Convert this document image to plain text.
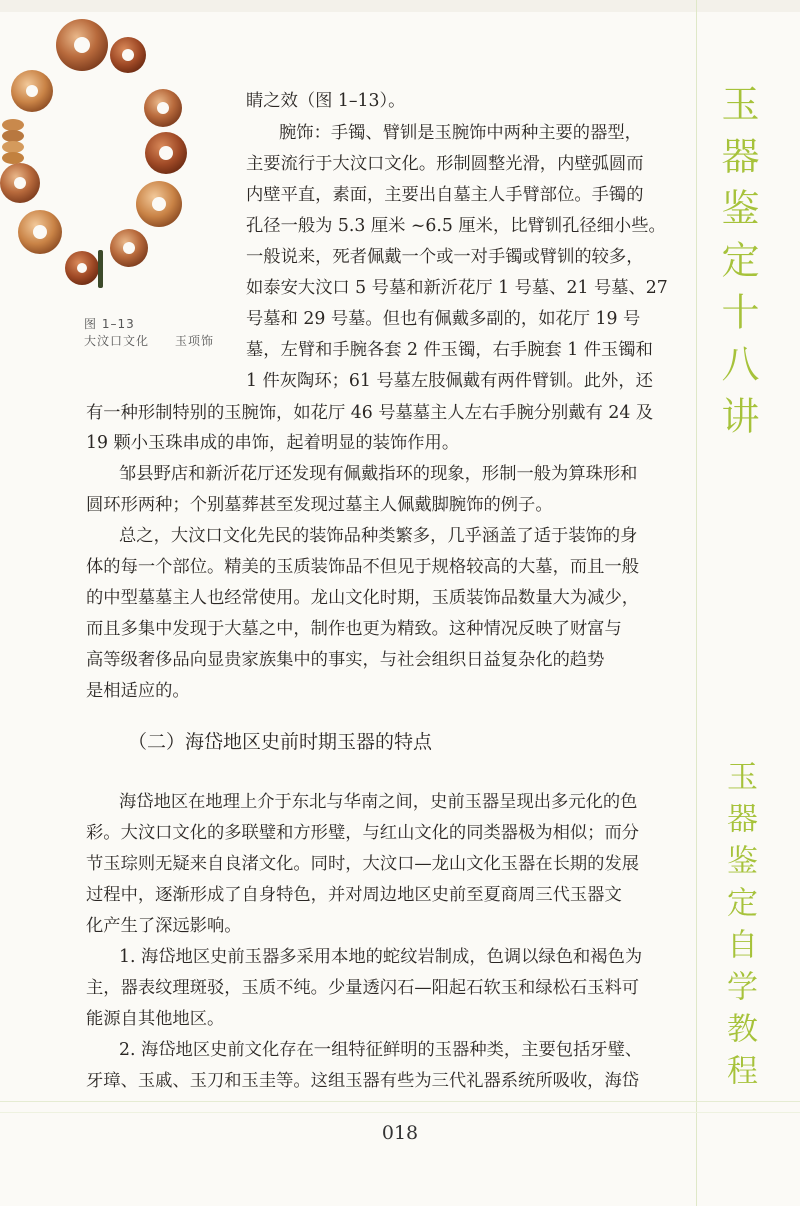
图 1–13
大汶口文化　　玉项饰
睛之效（图 1–13）。
腕饰：手镯、臂钏是玉腕饰中两种主要的器型，
主要流行于大汶口文化。形制圆整光滑，内壁弧圆而
内壁平直，素面，主要出自墓主人手臂部位。手镯的
孔径一般为 5.3 厘米 ~6.5 厘米，比臂钏孔径细小些。
一般说来，死者佩戴一个或一对手镯或臂钏的较多，
如泰安大汶口 5 号墓和新沂花厅 1 号墓、21 号墓、27
号墓和 29 号墓。但也有佩戴多副的，如花厅 19 号
墓，左臂和手腕各套 2 件玉镯，右手腕套 1 件玉镯和
1 件灰陶环；61 号墓左肢佩戴有两件臂钏。此外，还
有一种形制特别的玉腕饰，如花厅 46 号墓墓主人左右手腕分别戴有 24 及
19 颗小玉珠串成的串饰，起着明显的装饰作用。
邹县野店和新沂花厅还发现有佩戴指环的现象，形制一般为算珠形和
圆环形两种；个别墓葬甚至发现过墓主人佩戴脚腕饰的例子。
总之，大汶口文化先民的装饰品种类繁多，几乎涵盖了适于装饰的身
体的每一个部位。精美的玉质装饰品不但见于规格较高的大墓，而且一般
的中型墓墓主人也经常使用。龙山文化时期，玉质装饰品数量大为减少，
而且多集中发现于大墓之中，制作也更为精致。这种情况反映了财富与
高等级奢侈品向显贵家族集中的事实，与社会组织日益复杂化的趋势
是相适应的。
（二）海岱地区史前时期玉器的特点
海岱地区在地理上介于东北与华南之间，史前玉器呈现出多元化的色
彩。大汶口文化的多联璧和方形璧，与红山文化的同类器极为相似；而分
节玉琮则无疑来自良渚文化。同时，大汶口—龙山文化玉器在长期的发展
过程中，逐渐形成了自身特色，并对周边地区史前至夏商周三代玉器文
化产生了深远影响。
1. 海岱地区史前玉器多采用本地的蛇纹岩制成，色调以绿色和褐色为
主，器表纹理斑驳，玉质不纯。少量透闪石—阳起石软玉和绿松石玉料可
能源自其他地区。
2. 海岱地区史前文化存在一组特征鲜明的玉器种类，主要包括牙璧、
牙璋、玉戚、玉刀和玉圭等。这组玉器有些为三代礼器系统所吸收，海岱
玉器鉴定十八讲
玉器鉴定自学教程
018
